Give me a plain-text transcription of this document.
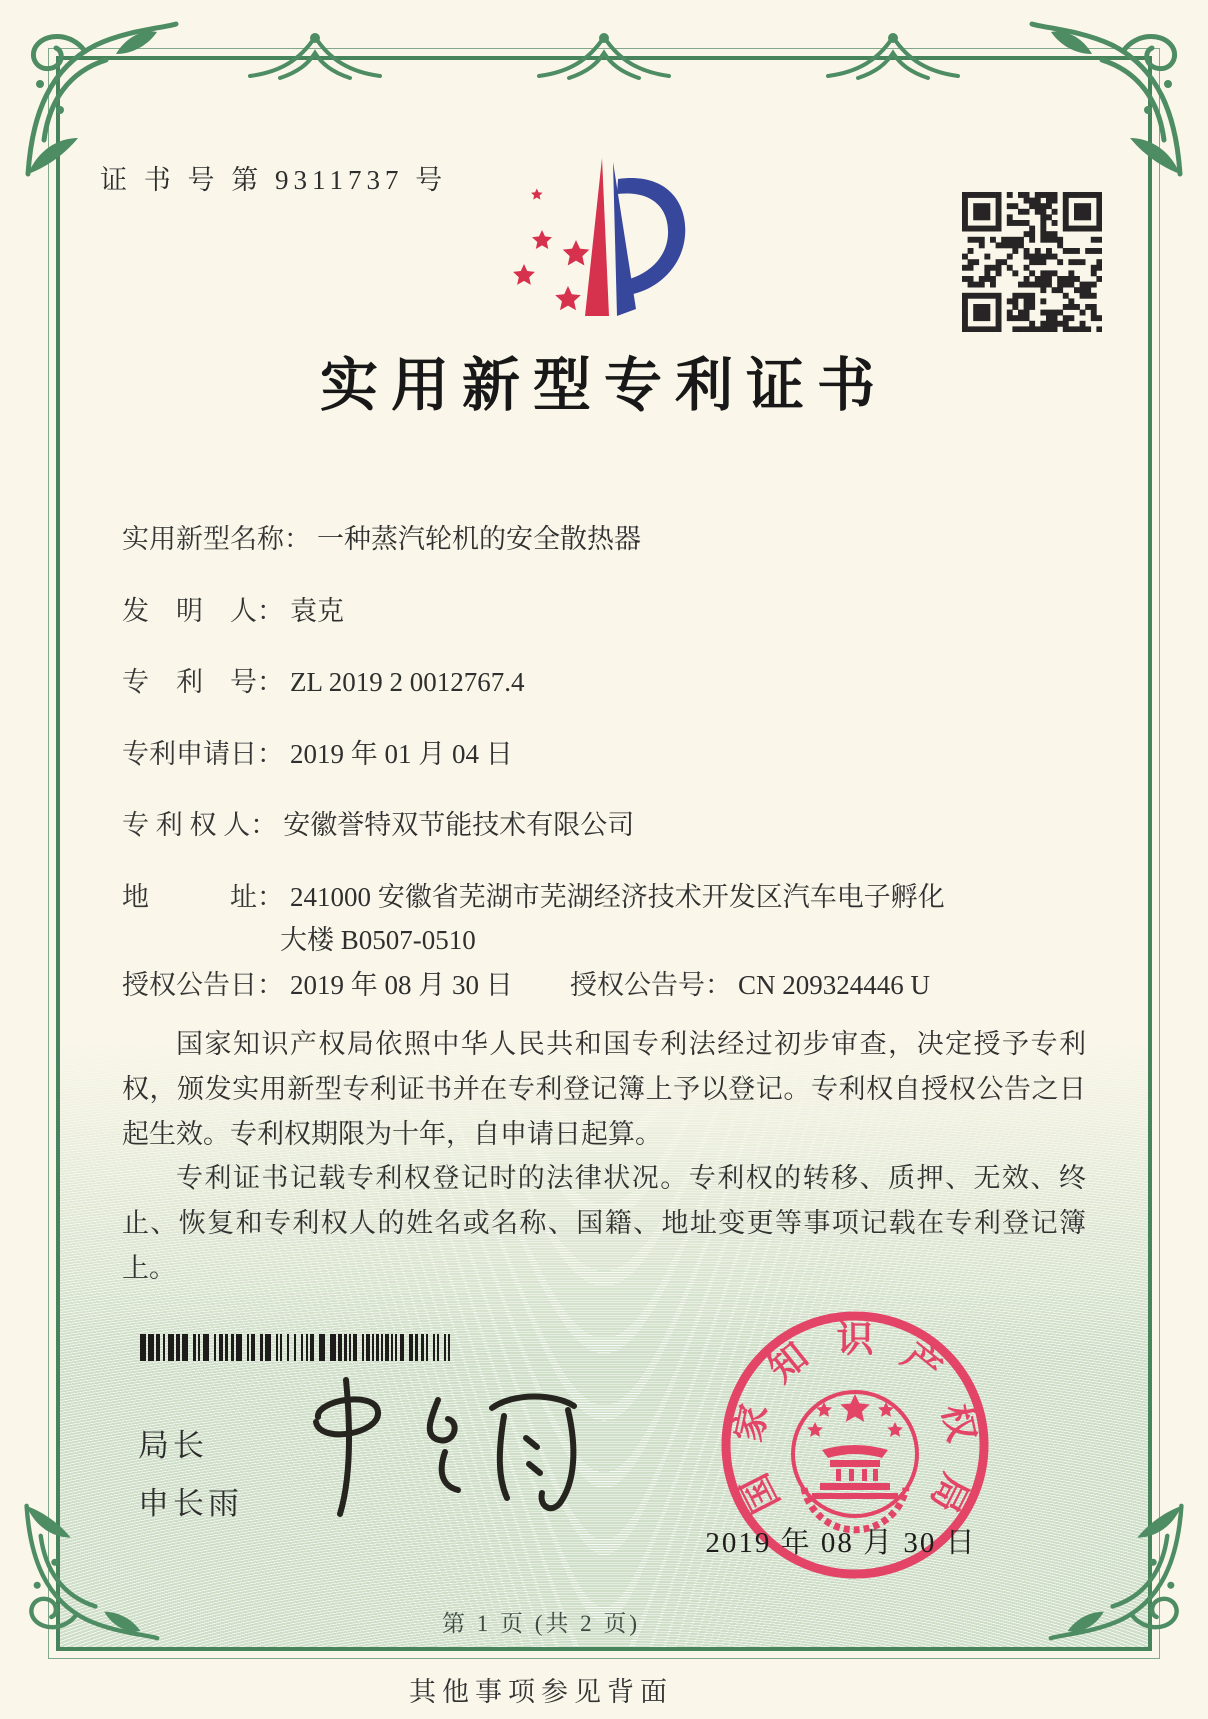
证 书 号 第 9311737 号
实用新型专利证书
实用新型名称： 一种蒸汽轮机的安全散热器
发　明　人： 袁克
专　利　号： ZL 2019 2 0012767.4
专利申请日： 2019 年 01 月 04 日
专 利 权 人： 安徽誉特双节能技术有限公司
地　　　址： 241000 安徽省芜湖市芜湖经济技术开发区汽车电子孵化
大楼 B0507-0510
授权公告日： 2019 年 08 月 30 日 授权公告号： CN 209324446 U

国家知识产权局依照中华人民共和国专利法经过初步审查，决定授予专利权，颁发实用新型专利证书并在专利登记簿上予以登记。专利权自授权公告之日起生效。专利权期限为十年，自申请日起算。

专利证书记载专利权登记时的法律状况。专利权的转移、质押、无效、终止、恢复和专利权人的姓名或名称、国籍、地址变更等事项记载在专利登记簿上。

局长
申长雨	国
家
知 识 产
权
局
2019 年 08 月 30 日
第 1 页 (共 2 页)
其他事项参见背面
